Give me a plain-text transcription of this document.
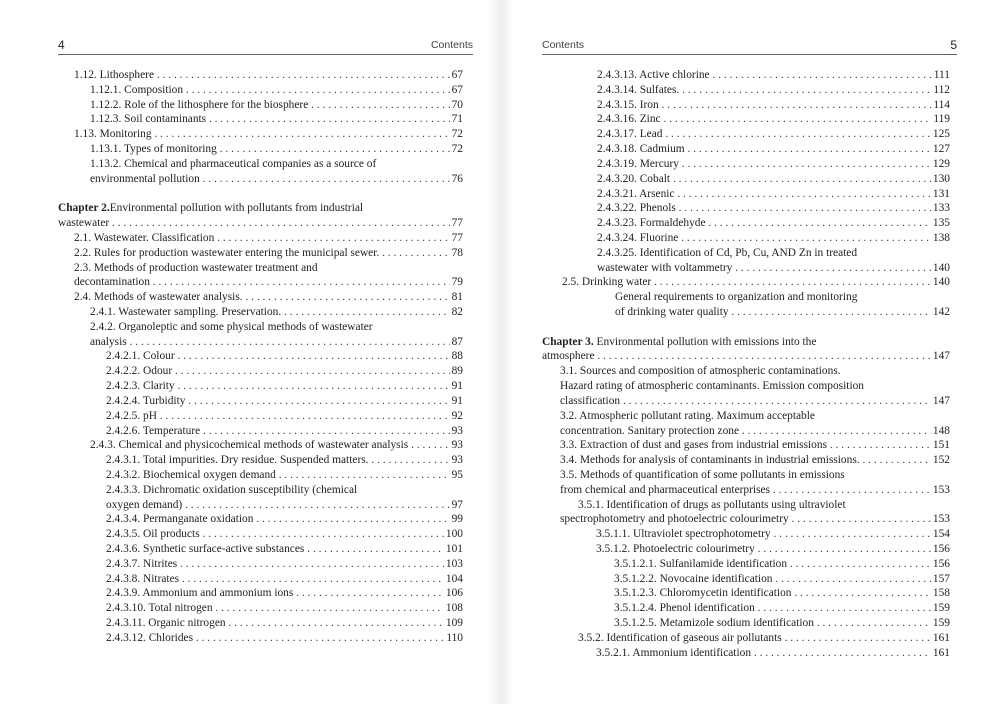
4	Contents
1.12. Lithosphere . . .	67
1.12.1. Composition . . .	67
1.12.2. Role of the lithosphere for the biosphere . . .	70
1.12.3. Soil contaminants . . .	71
1.13. Monitoring . . .	72
1.13.1. Types of monitoring . . .	72
1.13.2. Chemical and pharmaceutical companies as a source of
environmental pollution . . .	76
Chapter 2.Environmental pollution with pollutants from industrial
wastewater . . .	77
2.1. Wastewater. Classification . . .	77
2.2. Rules for production wastewater entering the municipal sewer. . . .	78
2.3. Methods of production wastewater treatment and
decontamination . . .	79
2.4. Methods of wastewater analysis. . . .	81
2.4.1. Wastewater sampling. Preservation. . . .	82
2.4.2. Organoleptic and some physical methods of wastewater
analysis . . .	87
2.4.2.1. Colour . . .	88
2.4.2.2. Odour . . .	89
2.4.2.3. Clarity . . .	91
2.4.2.4. Turbidity . . .	91
2.4.2.5. pH . . .	92
2.4.2.6. Temperature . . .	93
2.4.3. Chemical and physicochemical methods of wastewater analysis . . .	93
2.4.3.1. Total impurities. Dry residue. Suspended matters. . . .	93
2.4.3.2. Biochemical oxygen demand . . .	95
2.4.3.3. Dichromatic oxidation susceptibility (chemical
oxygen demand) . . .	97
2.4.3.4. Permanganate oxidation . . .	99
2.4.3.5. Oil products . . .	100
2.4.3.6. Synthetic surface-active substances . . .	101
2.4.3.7. Nitrites . . .	103
2.4.3.8. Nitrates . . .	104
2.4.3.9. Ammonium and ammonium ions . . .	106
2.4.3.10. Total nitrogen . . .	108
2.4.3.11. Organic nitrogen . . .	109
2.4.3.12. Chlorides . . .	110
Contents	5
2.4.3.13. Active chlorine . . .	111
2.4.3.14. Sulfates. . . .	112
2.4.3.15. Iron . . .	114
2.4.3.16. Zinc . . .	119
2.4.3.17. Lead . . .	125
2.4.3.18. Cadmium . . .	127
2.4.3.19. Mercury . . .	129
2.4.3.20. Cobalt . . .	130
2.4.3.21. Arsenic . . .	131
2.4.3.22. Phenols . . .	133
2.4.3.23. Formaldehyde . . .	135
2.4.3.24. Fluorine . . .	138
2.4.3.25. Identification of Cd, Pb, Cu, AND Zn in treated
wastewater with voltammetry . . .	140
2.5. Drinking water . . .	140
General requirements to organization and monitoring
of drinking water quality . . .	142
Chapter 3. Environmental pollution with emissions into the
atmosphere . . .	147
3.1. Sources and composition of atmospheric contaminations.
Hazard rating of atmospheric contaminants. Emission composition
classification . . .	147
3.2. Atmospheric pollutant rating. Maximum acceptable
concentration. Sanitary protection zone . . .	148
3.3. Extraction of dust and gases from industrial emissions . . .	151
3.4. Methods for analysis of contaminants in industrial emissions. . . .	152
3.5. Methods of quantification of some pollutants in emissions
from chemical and pharmaceutical enterprises . . .	153
3.5.1. Identification of drugs as pollutants using ultraviolet
spectrophotometry and photoelectric colourimetry . . .	153
3.5.1.1. Ultraviolet spectrophotometry . . .	154
3.5.1.2. Photoelectric colourimetry . . .	156
3.5.1.2.1. Sulfanilamide identification . . .	156
3.5.1.2.2. Novocaine identification . . .	157
3.5.1.2.3. Chloromycetin identification . . .	158
3.5.1.2.4. Phenol identification . . .	159
3.5.1.2.5. Metamizole sodium identification . . .	159
3.5.2. Identification of gaseous air pollutants . . .	161
3.5.2.1. Ammonium identification . . .	161
